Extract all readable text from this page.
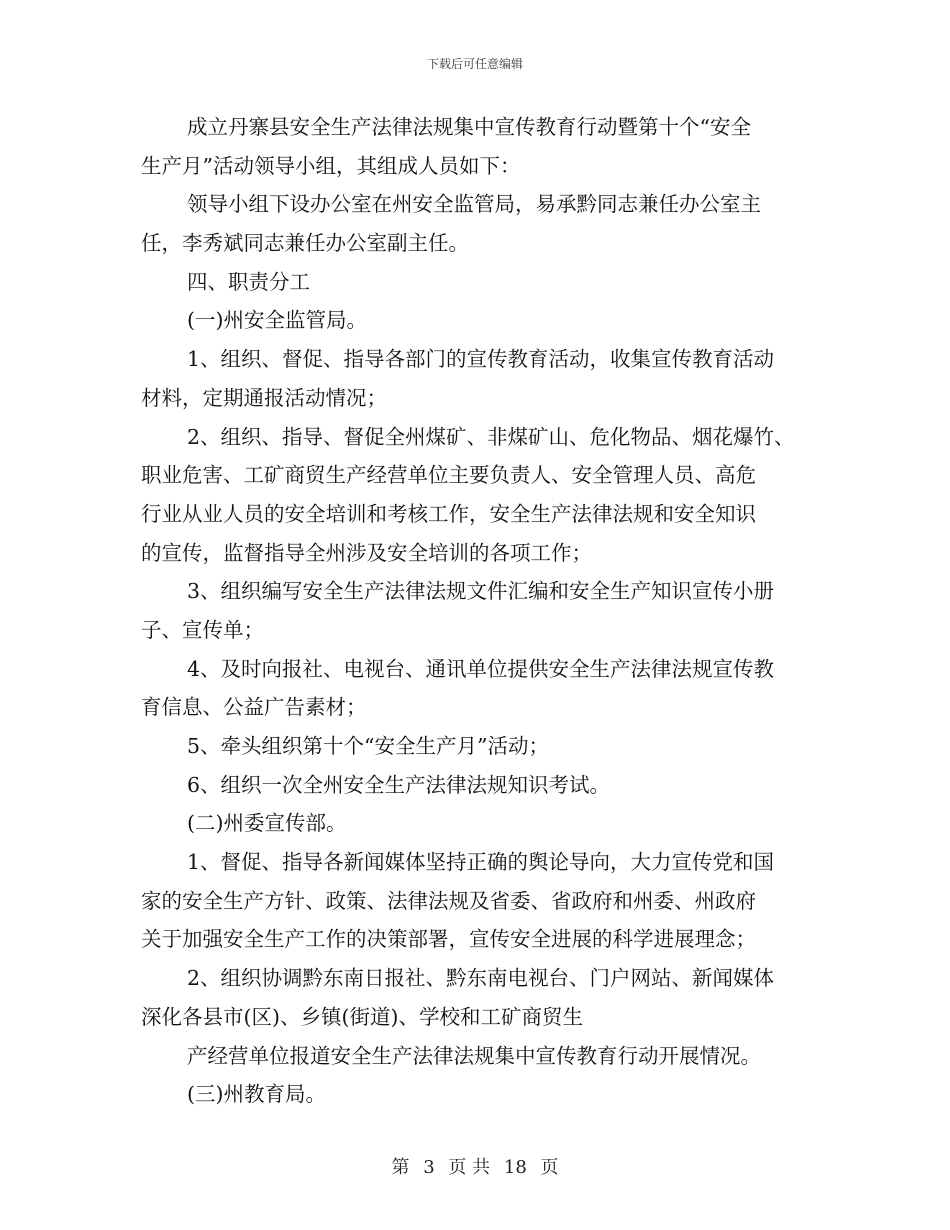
下载后可任意编辑
成立丹寨县安全生产法律法规集中宣传教育行动暨第十个“安全
生产月”活动领导小组，其组成人员如下：
领导小组下设办公室在州安全监管局，易承黔同志兼任办公室主
任，李秀斌同志兼任办公室副主任。
四、职责分工
(一)州安全监管局。
1、组织、督促、指导各部门的宣传教育活动，收集宣传教育活动
材料，定期通报活动情况；
2、组织、指导、督促全州煤矿、非煤矿山、危化物品、烟花爆竹、
职业危害、工矿商贸生产经营单位主要负责人、安全管理人员、高危
行业从业人员的安全培训和考核工作，安全生产法律法规和安全知识
的宣传，监督指导全州涉及安全培训的各项工作；
3、组织编写安全生产法律法规文件汇编和安全生产知识宣传小册
子、宣传单；
4、及时向报社、电视台、通讯单位提供安全生产法律法规宣传教
育信息、公益广告素材；
5、牵头组织第十个“安全生产月”活动；
6、组织一次全州安全生产法律法规知识考试。
(二)州委宣传部。
1、督促、指导各新闻媒体坚持正确的舆论导向，大力宣传党和国
家的安全生产方针、政策、法律法规及省委、省政府和州委、州政府
关于加强安全生产工作的决策部署，宣传安全进展的科学进展理念；
2、组织协调黔东南日报社、黔东南电视台、门户网站、新闻媒体
深化各县市(区)、乡镇(街道)、学校和工矿商贸生
产经营单位报道安全生产法律法规集中宣传教育行动开展情况。
(三)州教育局。
第 3 页 共 18 页
